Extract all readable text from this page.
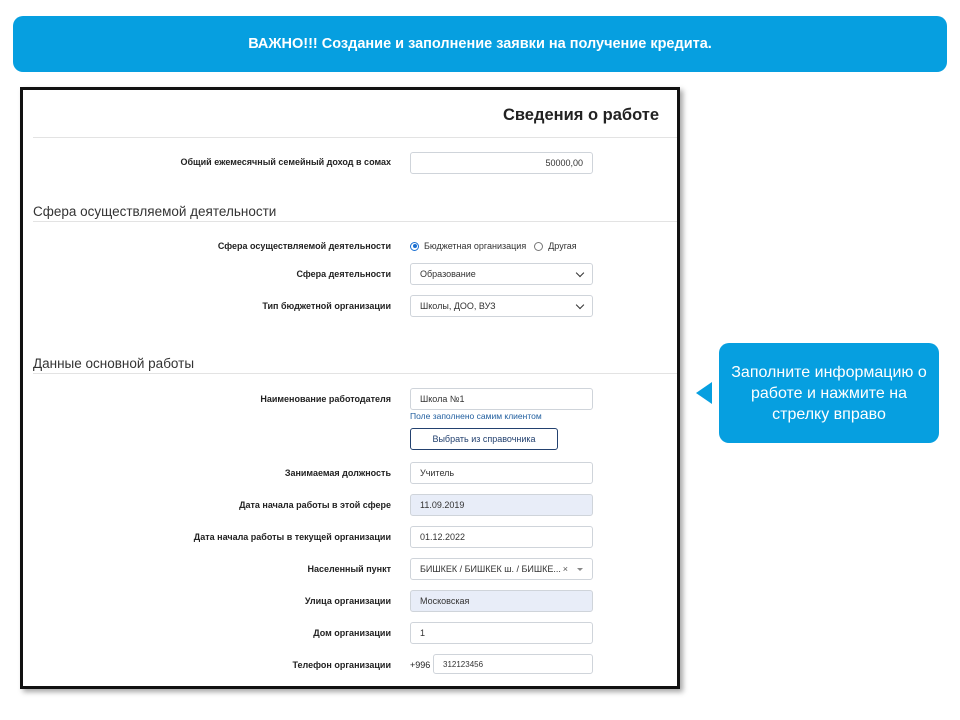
ВАЖНО!!! Создание и заполнение заявки на получение кредита.
Сведения о работе
Общий ежемесячный семейный доход в сомах	50000,00
Сфера осуществляемой деятельности
Сфера осуществляемой деятельности	Бюджетная организация Другая
Сфера деятельности	Образование
Тип бюджетной организации	Школы, ДОО, ВУЗ
Данные основной работы
Наименование работодателя	Школа №1
Поле заполнено самим клиентом
Выбрать из справочника
Занимаемая должность	Учитель
Дата начала работы в этой сфере	11.09.2019
Дата начала работы в текущей организации	01.12.2022
Населенный пункт	БИШКЕК / БИШКЕК ш. / БИШКЕ... ×
Улица организации	Московская
Дом организации	1
Телефон организации +996 312123456
Заполните информацию о работе и нажмите на стрелку вправо
